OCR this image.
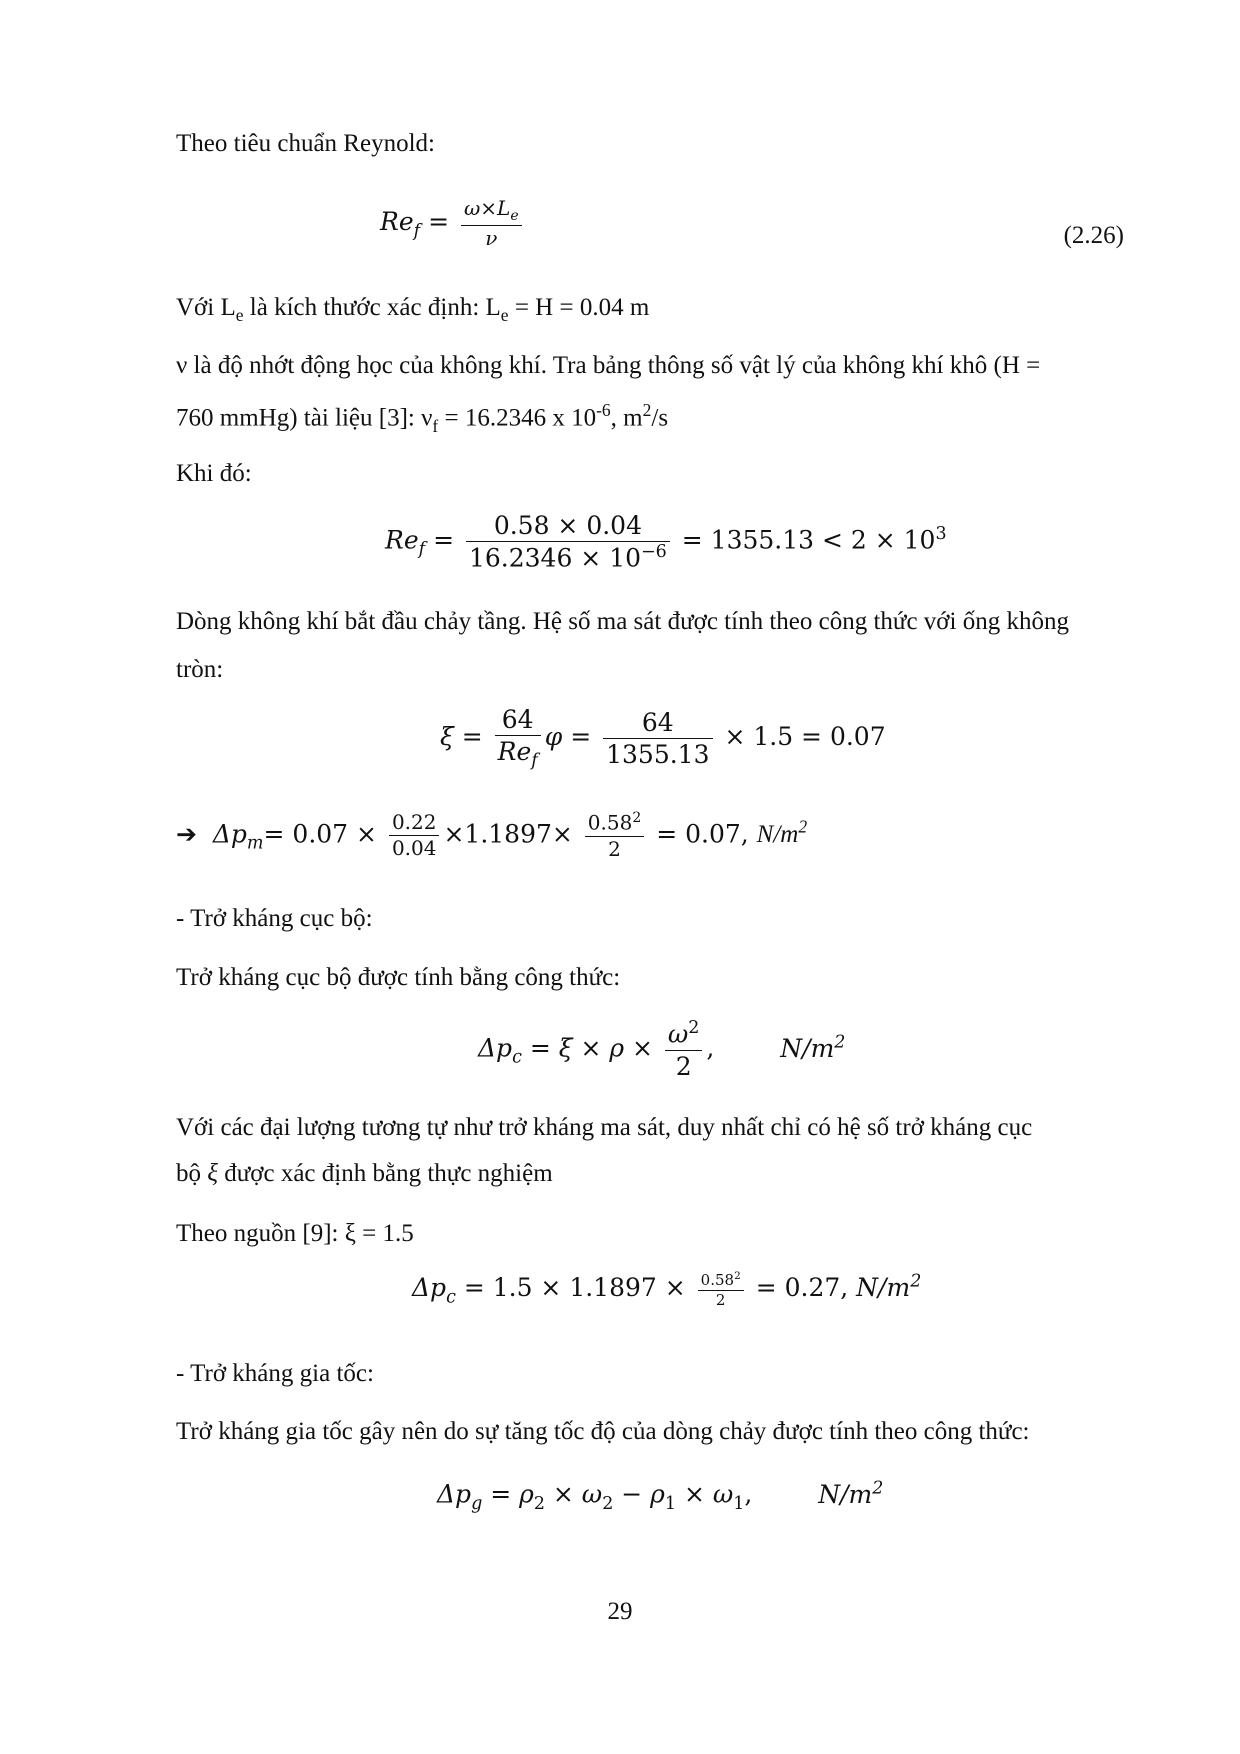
Theo tiêu chuẩn Reynold:
$Re_f = \frac{\omega\times L_e}{\nu}$	(2.26)
Với $L_e$ là kích thước xác định: $L_e = H = 0.04$ m
ν là độ nhớt động học của không khí. Tra bảng thông số vật lý của không khí khô (H =
760 mmHg) tài liệu [3]: $\nu_f = 16.2346$ x $10^{-6}$, $m^2/s$
Khi đó:
$Re_f = \frac{0.58 \times 0.04}{16.2346 \times 10^{-6}} = 1355.13 < 2 \times 10^3$
Dòng không khí bắt đầu chảy tầng. Hệ số ma sát được tính theo công thức với ống không
tròn:
$\xi = \frac{64}{Re_f}$ $\varphi = \frac{64}{1355.13} \times 1.5 = 0.07$
➔ $\Delta p_m= 0.07 \times \frac{0.22}{0.04} \times 1.1897\times \frac{0.58^2}{2} = 0.07$, $N/m^2$
- Trở kháng cục bộ:
Trở kháng cục bộ được tính bằng công thức:
$\Delta p_c = \xi \times \rho \times \frac{\omega^2}{2}$ ,	$N/m^2$
Với các đại lượng tương tự như trở kháng ma sát, duy nhất chỉ có hệ số trở kháng cục
bộ ξ được xác định bằng thực nghiệm
Theo nguồn [9]: ξ = 1.5
$\Delta p_c = 1.5 \times 1.1897 \times \frac{0.58^2}{2} = 0.27$, $N/m^2$
- Trở kháng gia tốc:
Trở kháng gia tốc gây nên do sự tăng tốc độ của dòng chảy được tính theo công thức:
$\Delta p_g = \rho_2 \times \omega_2 - \rho_1 \times \omega_1$,	$N/m^2$
29
